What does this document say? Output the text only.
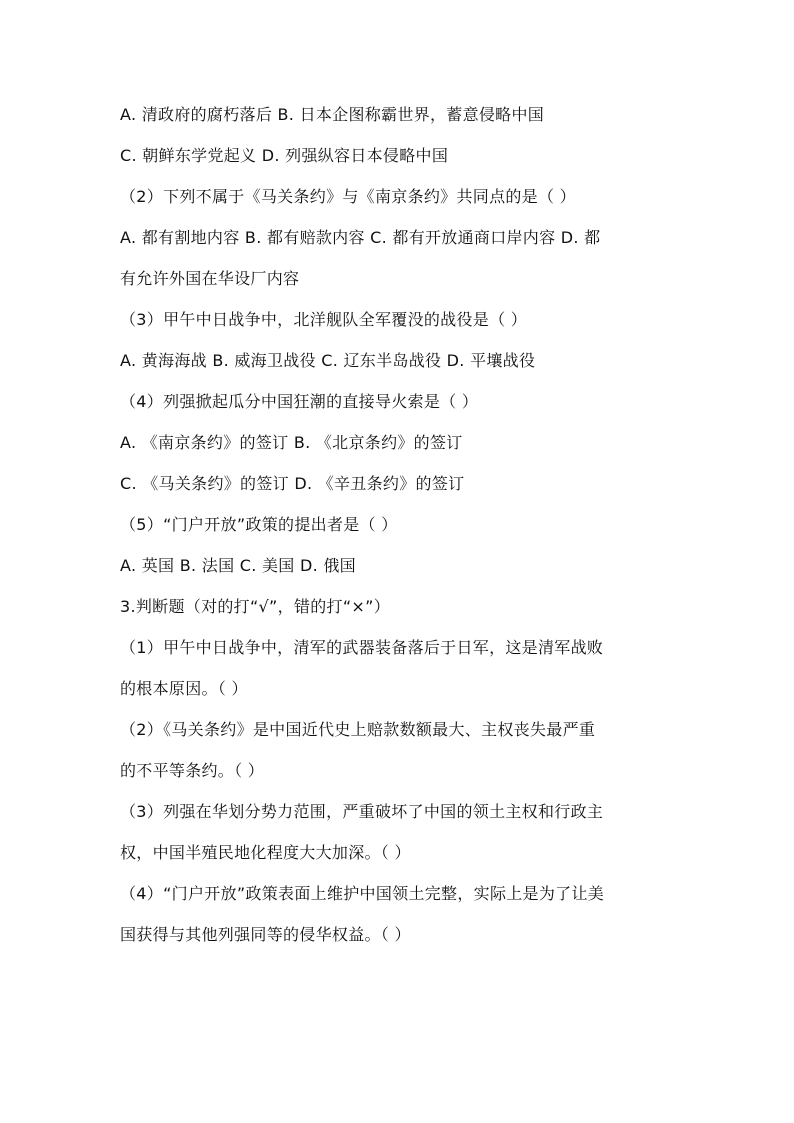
A. 清政府的腐朽落后 B. 日本企图称霸世界，蓄意侵略中国
C. 朝鲜东学党起义 D. 列强纵容日本侵略中国
（2）下列不属于《马关条约》与《南京条约》共同点的是（ ）
A. 都有割地内容 B. 都有赔款内容 C. 都有开放通商口岸内容 D. 都
有允许外国在华设厂内容
（3）甲午中日战争中，北洋舰队全军覆没的战役是（ ）
A. 黄海海战 B. 威海卫战役 C. 辽东半岛战役 D. 平壤战役
（4）列强掀起瓜分中国狂潮的直接导火索是（ ）
A. 《南京条约》的签订 B. 《北京条约》的签订
C. 《马关条约》的签订 D. 《辛丑条约》的签订
（5）“门户开放”政策的提出者是（ ）
A. 英国 B. 法国 C. 美国 D. 俄国
3.判断题（对的打“√”，错的打“×”）
（1）甲午中日战争中，清军的武器装备落后于日军，这是清军战败
的根本原因。（ ）
（2）《马关条约》是中国近代史上赔款数额最大、主权丧失最严重
的不平等条约。（ ）
（3）列强在华划分势力范围，严重破坏了中国的领土主权和行政主
权，中国半殖民地化程度大大加深。（ ）
（4）“门户开放”政策表面上维护中国领土完整，实际上是为了让美
国获得与其他列强同等的侵华权益。（ ）
